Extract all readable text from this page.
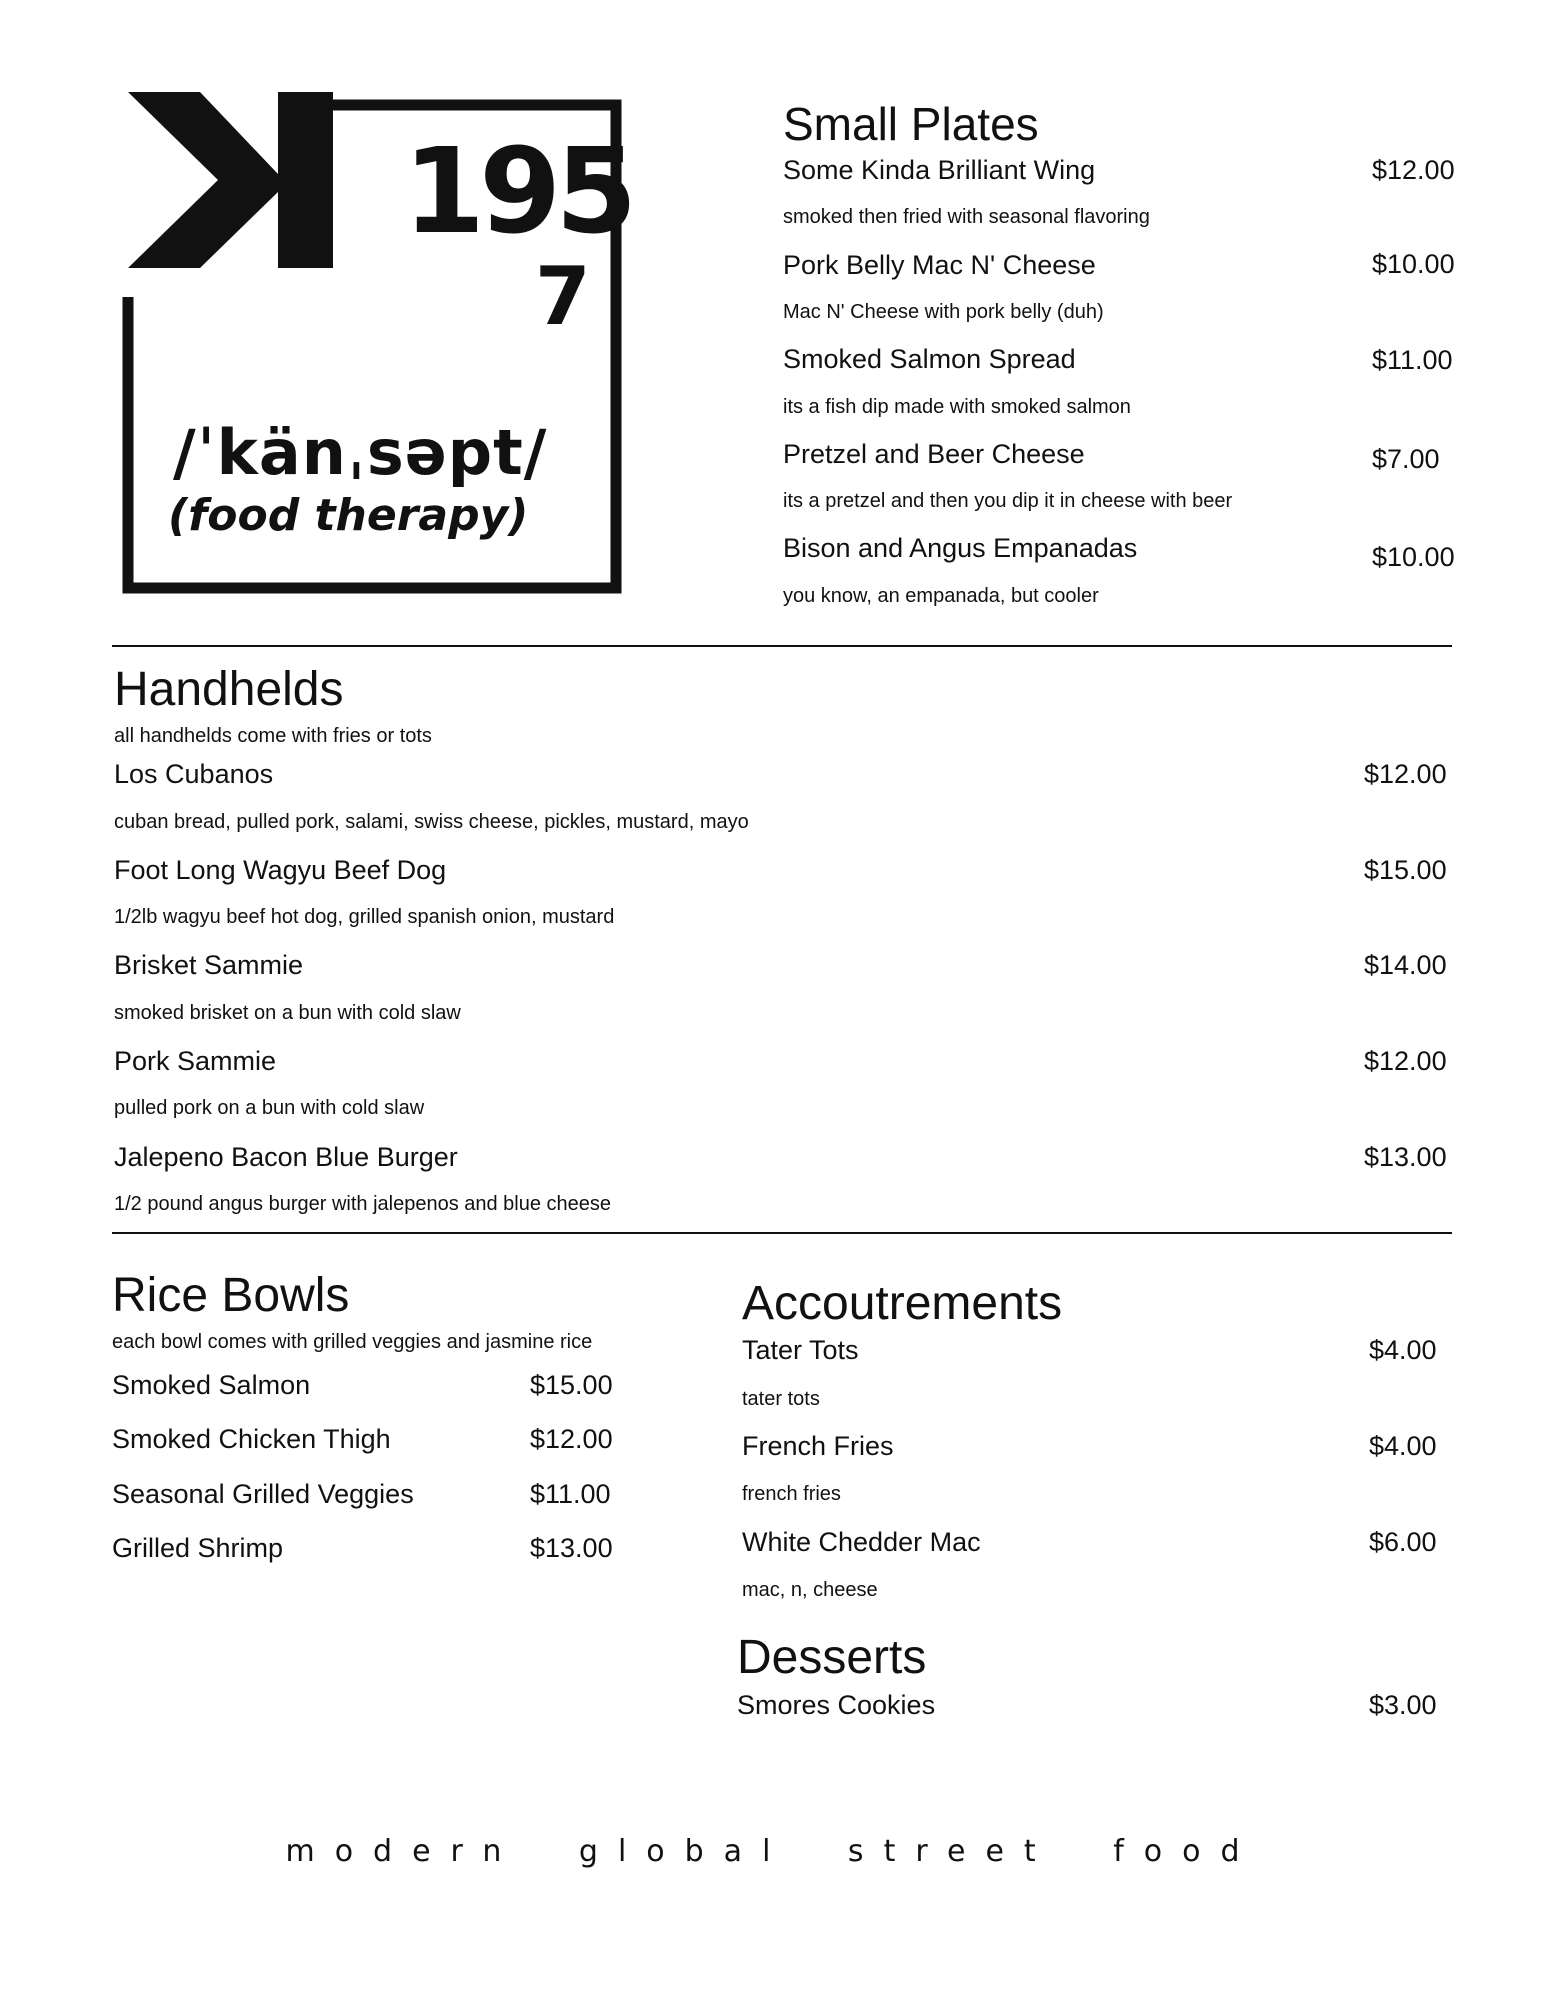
195
7
/ˈkänˌsəpt/
(food therapy)
Small Plates
Some Kinda Brilliant Wing	$12.00
smoked then fried with seasonal flavoring
Pork Belly Mac N' Cheese	$10.00
Mac N' Cheese with pork belly (duh)
Smoked Salmon Spread	$11.00
its a fish dip made with smoked salmon
Pretzel and Beer Cheese	$7.00
its a pretzel and then you dip it in cheese with beer
Bison and Angus Empanadas	$10.00
you know, an empanada, but cooler
Handhelds
all handhelds come with fries or tots
Los Cubanos	$12.00
cuban bread, pulled pork, salami, swiss cheese, pickles, mustard, mayo
Foot Long Wagyu Beef Dog	$15.00
1/2lb wagyu beef hot dog, grilled spanish onion, mustard
Brisket Sammie	$14.00
smoked brisket on a bun with cold slaw
Pork Sammie	$12.00
pulled pork on a bun with cold slaw
Jalepeno Bacon Blue Burger	$13.00
1/2 pound angus burger with jalepenos and blue cheese
Rice Bowls
each bowl comes with grilled veggies and jasmine rice
Smoked Salmon	$15.00
Smoked Chicken Thigh	$12.00
Seasonal Grilled Veggies	$11.00
Grilled Shrimp	$13.00
Accoutrements
Tater Tots	$4.00
tater tots
French Fries	$4.00
french fries
White Chedder Mac	$6.00
mac, n, cheese
Desserts
Smores Cookies	$3.00
modern global street food
